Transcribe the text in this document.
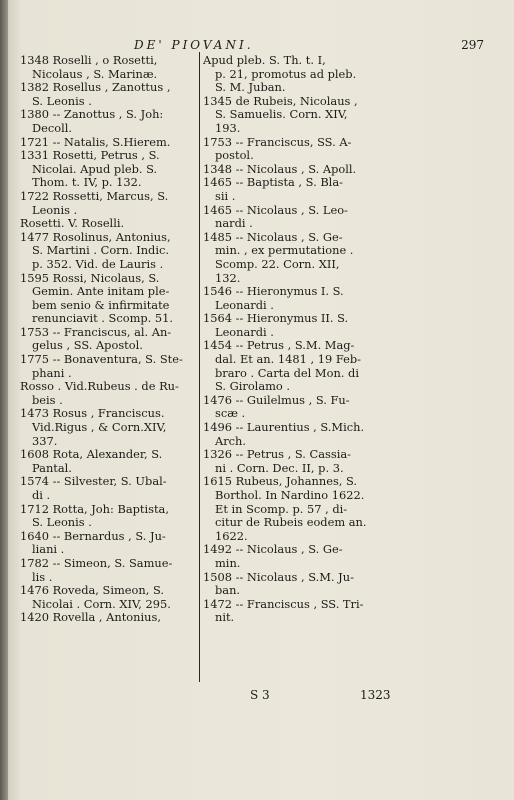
DE' PIOVANI.	297
1348 Roselli , o Rosetti,
Nicolaus , S. Marinæ.
1382 Rosellus , Zanottus ,
S. Leonis .
1380 -- Zanottus , S. Joh:
Decoll.
1721 -- Natalis, S.Hierem.
1331 Rosetti, Petrus , S.
Nicolai. Apud pleb. S.
Thom. t. IV, p. 132.
1722 Rossetti, Marcus, S.
Leonis .
Rosetti. V. Roselli.
1477 Rosolinus, Antonius,
S. Martini . Corn. Indic.
p. 352. Vid. de Lauris .
1595 Rossi, Nicolaus, S.
Gemin. Ante initam ple-
bem senio & infirmitate
renunciavit . Scomp. 51.
1753 -- Franciscus, al. An-
gelus , SS. Apostol.
1775 -- Bonaventura, S. Ste-
phani .
Rosso . Vid.Rubeus . de Ru-
beis .
1473 Rosus , Franciscus.
Vid.Rigus , & Corn.XIV,
337.
1608 Rota, Alexander, S.
Pantal.
1574 -- Silvester, S. Ubal-
di .
1712 Rotta, Joh: Baptista,
S. Leonis .
1640 -- Bernardus , S. Ju-
liani .
1782 -- Simeon, S. Samue-
lis .
1476 Roveda, Simeon, S.
Nicolai . Corn. XIV, 295.
1420 Rovella , Antonius,
Apud pleb. S. Th. t. I,
p. 21, promotus ad pleb.
S. M. Juban.
1345 de Rubeis, Nicolaus ,
S. Samuelis. Corn. XIV,
193.
1753 -- Franciscus, SS. A-
postol.
1348 -- Nicolaus , S. Apoll.
1465 -- Baptista , S. Bla-
sii .
1465 -- Nicolaus , S. Leo-
nardi .
1485 -- Nicolaus , S. Ge-
min. , ex permutatione .
Scomp. 22. Corn. XII,
132.
1546 -- Hieronymus I. S.
Leonardi .
1564 -- Hieronymus II. S.
Leonardi .
1454 -- Petrus , S.M. Mag-
dal. Et an. 1481 , 19 Feb-
braro . Carta del Mon. di
S. Girolamo .
1476 -- Guilelmus , S. Fu-
scæ .
1496 -- Laurentius , S.Mich.
Arch.
1326 -- Petrus , S. Cassia-
ni . Corn. Dec. II, p. 3.
1615 Rubeus, Johannes, S.
Borthol. In Nardino 1622.
Et in Scomp. p. 57 , di-
citur de Rubeis eodem an.
1622.
1492 -- Nicolaus , S. Ge-
min.
1508 -- Nicolaus , S.M. Ju-
ban.
1472 -- Franciscus , SS. Tri-
nit.
S 3	1323
